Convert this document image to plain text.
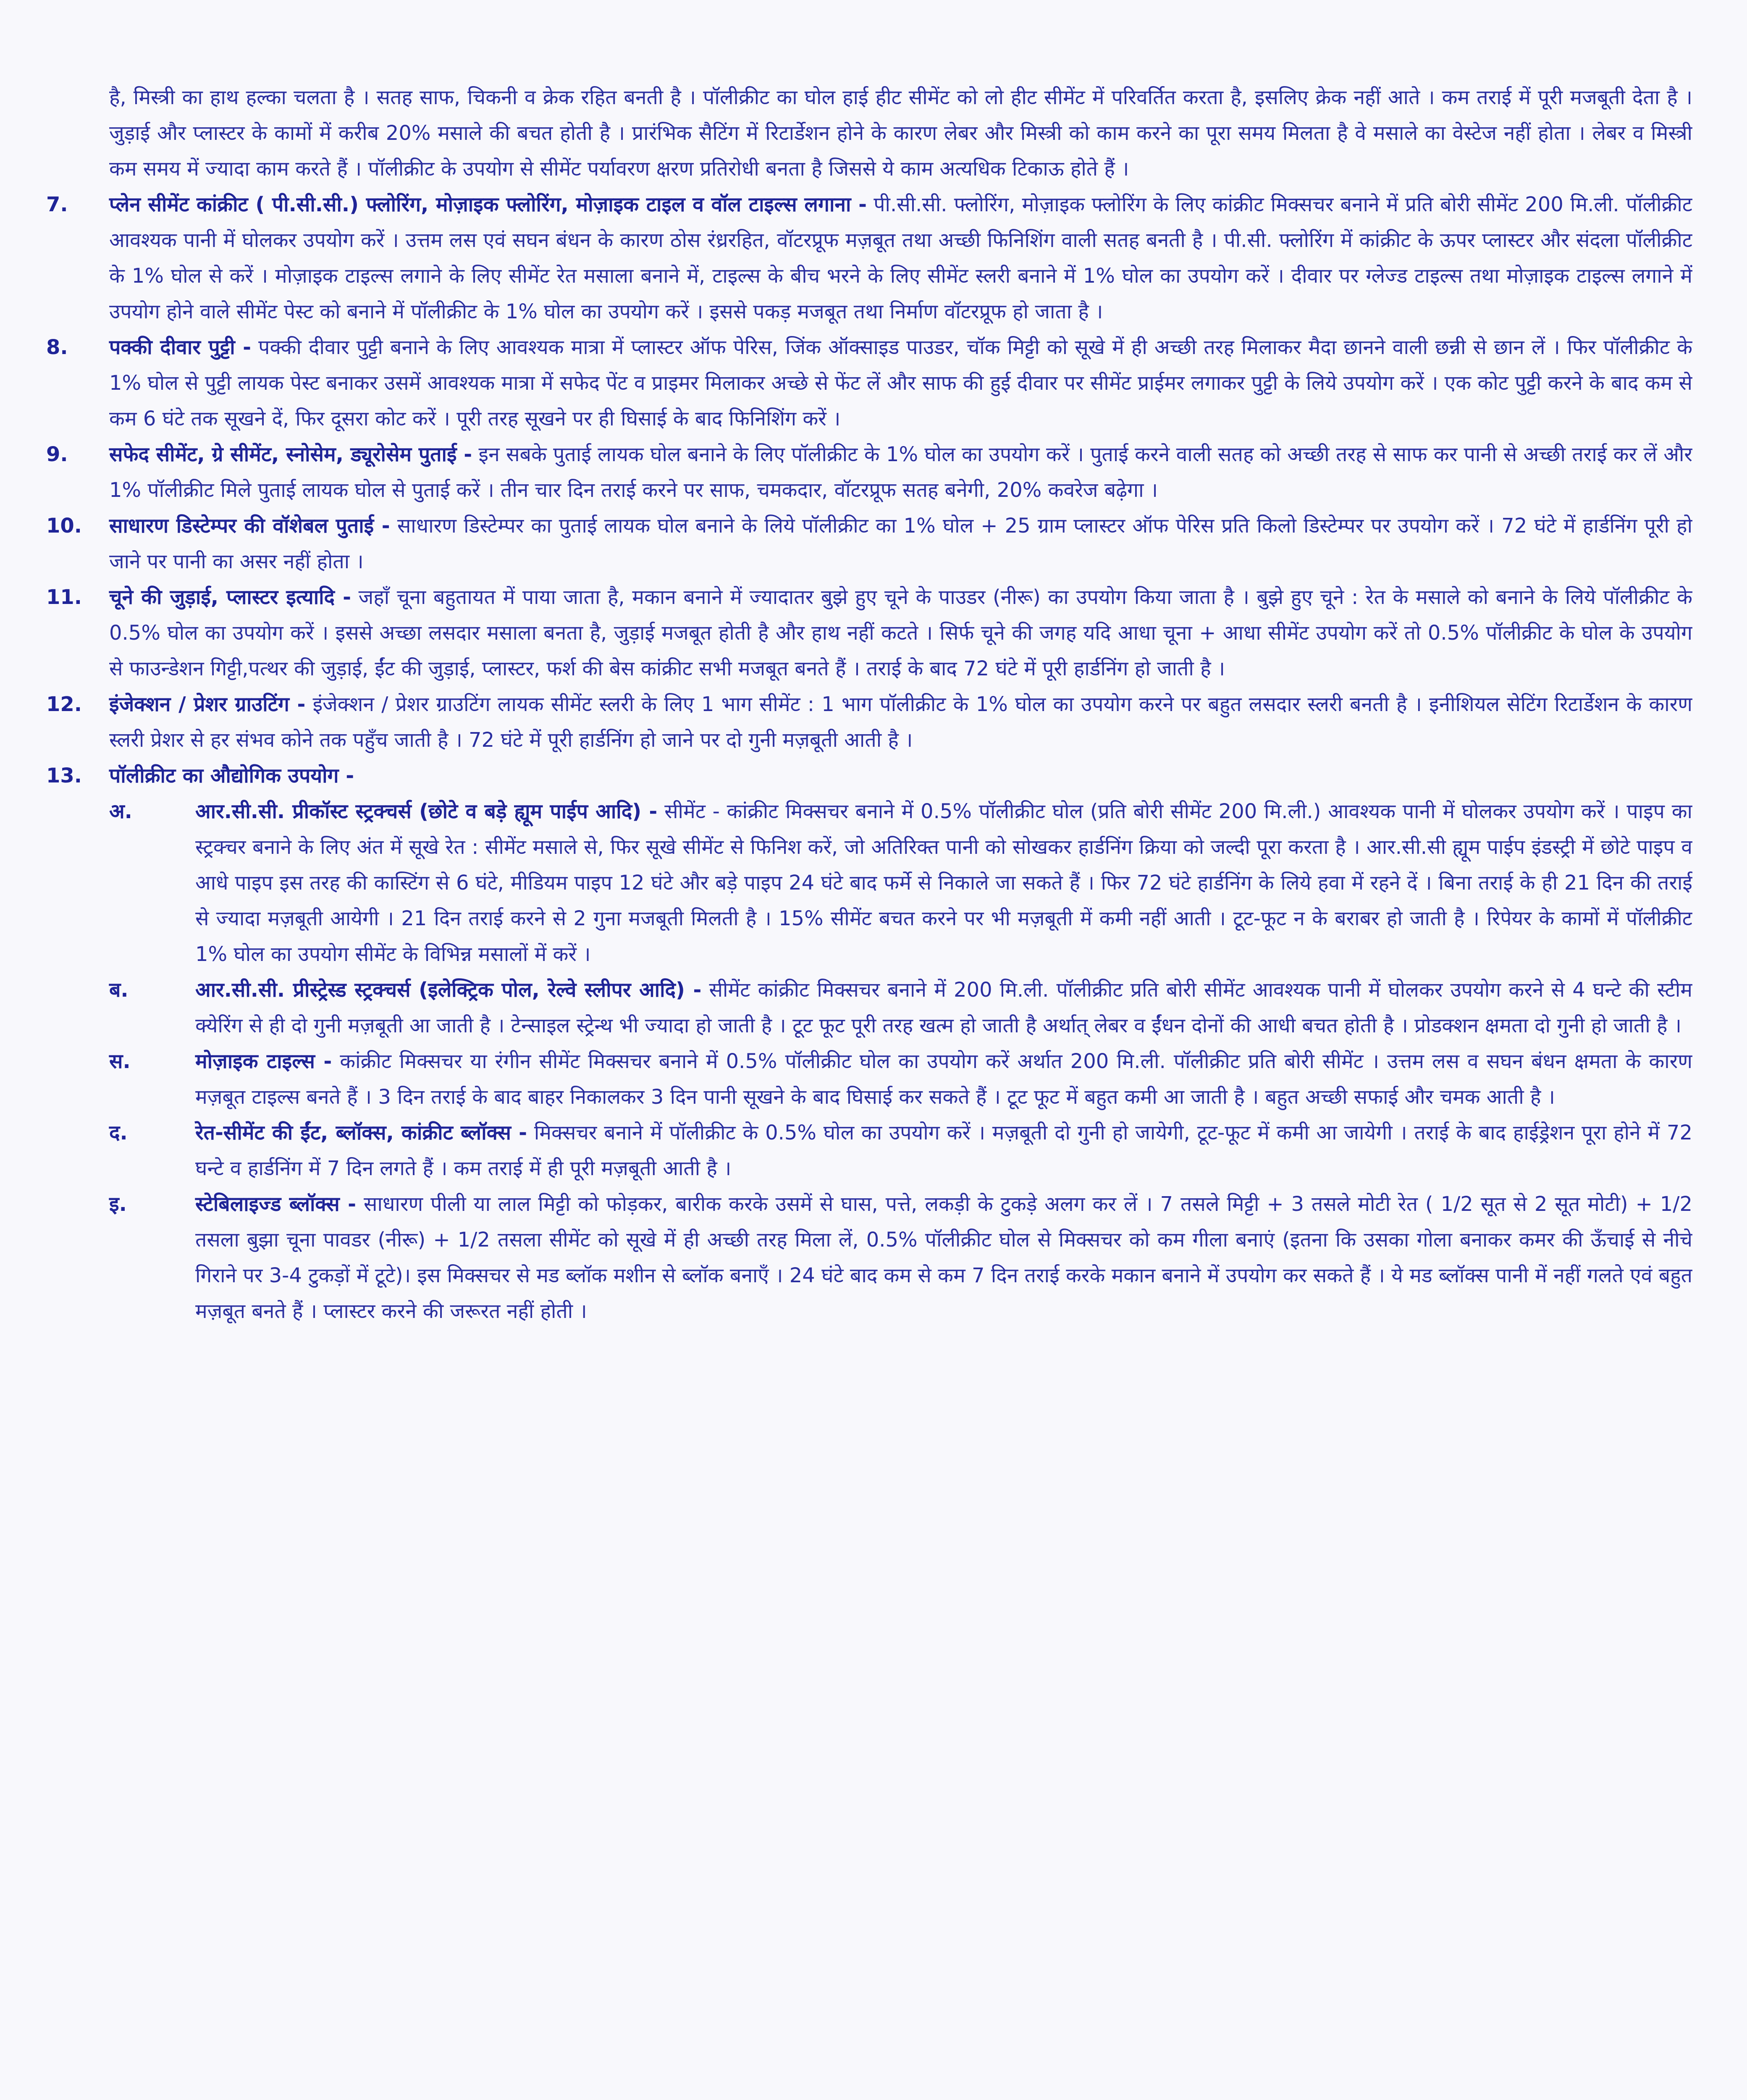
है, मिस्त्री का हाथ हल्का चलता है । सतह साफ, चिकनी व क्रेक रहित बनती है । पॉलीक्रीट का घोल हाई हीट सीमेंट को लो हीट सीमेंट में परिवर्तित करता है, इसलिए क्रेक नहीं आते । कम तराई में पूरी मजबूती देता है । जुड़ाई और प्लास्टर के कामों में करीब 20% मसाले की बचत होती है । प्रारंभिक सैटिंग में रिटार्डेशन होने के कारण लेबर और मिस्त्री को काम करने का पूरा समय मिलता है वे मसाले का वेस्टेज नहीं होता । लेबर व मिस्त्री कम समय में ज्यादा काम करते हैं । पॉलीक्रीट के उपयोग से सीमेंट पर्यावरण क्षरण प्रतिरोधी बनता है जिससे ये काम अत्यधिक टिकाऊ होते हैं ।

7. प्लेन सीमेंट कांक्रीट ( पी.सी.सी.) फ्लोरिंग, मोज़ाइक फ्लोरिंग, मोज़ाइक टाइल व वॉल टाइल्स लगाना - पी.सी.सी. फ्लोरिंग, मोज़ाइक फ्लोरिंग के लिए कांक्रीट मिक्सचर बनाने में प्रति बोरी सीमेंट 200 मि.ली. पॉलीक्रीट आवश्यक पानी में घोलकर उपयोग करें । उत्तम लस एवं सघन बंधन के कारण ठोस रंध्ररहित, वॉटरप्रूफ मज़बूत तथा अच्छी फिनिशिंग वाली सतह बनती है । पी.सी. फ्लोरिंग में कांक्रीट के ऊपर प्लास्टर और संदला पॉलीक्रीट के 1% घोल से करें । मोज़ाइक टाइल्स लगाने के लिए सीमेंट रेत मसाला बनाने में, टाइल्स के बीच भरने के लिए सीमेंट स्लरी बनाने में 1% घोल का उपयोग करें । दीवार पर ग्लेज्ड टाइल्स तथा मोज़ाइक टाइल्स लगाने में उपयोग होने वाले सीमेंट पेस्ट को बनाने में पॉलीक्रीट के 1% घोल का उपयोग करें । इससे पकड़ मजबूत तथा निर्माण वॉटरप्रूफ हो जाता है ।
8. पक्की दीवार पुट्टी - पक्की दीवार पुट्टी बनाने के लिए आवश्यक मात्रा में प्लास्टर ऑफ पेरिस, जिंक ऑक्साइड पाउडर, चॉक मिट्टी को सूखे में ही अच्छी तरह मिलाकर मैदा छानने वाली छन्नी से छान लें । फिर पॉलीक्रीट के 1% घोल से पुट्टी लायक पेस्ट बनाकर उसमें आवश्यक मात्रा में सफेद पेंट व प्राइमर मिलाकर अच्छे से फेंट लें और साफ की हुई दीवार पर सीमेंट प्राईमर लगाकर पुट्टी के लिये उपयोग करें । एक कोट पुट्टी करने के बाद कम से कम 6 घंटे तक सूखने दें, फिर दूसरा कोट करें । पूरी तरह सूखने पर ही घिसाई के बाद फिनिशिंग करें ।
9. सफेद सीमेंट, ग्रे सीमेंट, स्नोसेम, ड्यूरोसेम पुताई - इन सबके पुताई लायक घोल बनाने के लिए पॉलीक्रीट के 1% घोल का उपयोग करें । पुताई करने वाली सतह को अच्छी तरह से साफ कर पानी से अच्छी तराई कर लें और 1% पॉलीक्रीट मिले पुताई लायक घोल से पुताई करें । तीन चार दिन तराई करने पर साफ, चमकदार, वॉटरप्रूफ सतह बनेगी, 20% कवरेज बढ़ेगा ।
10. साधारण डिस्टेम्पर की वॉशेबल पुताई - साधारण डिस्टेम्पर का पुताई लायक घोल बनाने के लिये पॉलीक्रीट का 1% घोल + 25 ग्राम प्लास्टर ऑफ पेरिस प्रति किलो डिस्टेम्पर पर उपयोग करें । 72 घंटे में हार्डनिंग पूरी हो जाने पर पानी का असर नहीं होता ।
11. चूने की जुड़ाई, प्लास्टर इत्यादि - जहाँ चूना बहुतायत में पाया जाता है, मकान बनाने में ज्यादातर बुझे हुए चूने के पाउडर (नीरू) का उपयोग किया जाता है । बुझे हुए चूने : रेत के मसाले को बनाने के लिये पॉलीक्रीट के 0.5% घोल का उपयोग करें । इससे अच्छा लसदार मसाला बनता है, जुड़ाई मजबूत होती है और हाथ नहीं कटते । सिर्फ चूने की जगह यदि आधा चूना + आधा सीमेंट उपयोग करें तो 0.5% पॉलीक्रीट के घोल के उपयोग से फाउन्डेशन गिट्टी,पत्थर की जुड़ाई, ईंट की जुड़ाई, प्लास्टर, फर्श की बेस कांक्रीट सभी मजबूत बनते हैं । तराई के बाद 72 घंटे में पूरी हार्डनिंग हो जाती है ।
12. इंजेक्शन / प्रेशर ग्राउटिंग - इंजेक्शन / प्रेशर ग्राउटिंग लायक सीमेंट स्लरी के लिए 1 भाग सीमेंट : 1 भाग पॉलीक्रीट के 1% घोल का उपयोग करने पर बहुत लसदार स्लरी बनती है । इनीशियल सेटिंग रिटार्डेशन के कारण स्लरी प्रेशर से हर संभव कोने तक पहुँच जाती है । 72 घंटे में पूरी हार्डनिंग हो जाने पर दो गुनी मज़बूती आती है ।
13. पॉलीक्रीट का औद्योगिक उपयोग -
अ.	आर.सी.सी. प्रीकॉस्ट स्ट्रक्चर्स (छोटे व बड़े ह्यूम पाईप आदि) - सीमेंट - कांक्रीट मिक्सचर बनाने में 0.5% पॉलीक्रीट घोल (प्रति बोरी सीमेंट 200 मि.ली.) आवश्यक पानी में घोलकर उपयोग करें । पाइप का स्ट्रक्चर बनाने के लिए अंत में सूखे रेत : सीमेंट मसाले से, फिर सूखे सीमेंट से फिनिश करें, जो अतिरिक्त पानी को सोखकर हार्डनिंग क्रिया को जल्दी पूरा करता है । आर.सी.सी ह्यूम पाईप इंडस्ट्री में छोटे पाइप व आधे पाइप इस तरह की कास्टिंग से 6 घंटे, मीडियम पाइप 12 घंटे और बड़े पाइप 24 घंटे बाद फर्मे से निकाले जा सकते हैं । फिर 72 घंटे हार्डनिंग के लिये हवा में रहने दें । बिना तराई के ही 21 दिन की तराई से ज्यादा मज़बूती आयेगी । 21 दिन तराई करने से 2 गुना मजबूती मिलती है । 15% सीमेंट बचत करने पर भी मज़बूती में कमी नहीं आती । टूट-फूट न के बराबर हो जाती है । रिपेयर के कामों में पॉलीक्रीट 1% घोल का उपयोग सीमेंट के विभिन्न मसालों में करें ।
ब.	आर.सी.सी. प्रीस्ट्रेस्ड स्ट्रक्चर्स (इलेक्ट्रिक पोल, रेल्वे स्लीपर आदि) - सीमेंट कांक्रीट मिक्सचर बनाने में 200 मि.ली. पॉलीक्रीट प्रति बोरी सीमेंट आवश्यक पानी में घोलकर उपयोग करने से 4 घन्टे की स्टीम क्येरिंग से ही दो गुनी मज़बूती आ जाती है । टेन्साइल स्ट्रेन्थ भी ज्यादा हो जाती है । टूट फूट पूरी तरह खत्म हो जाती है अर्थात् लेबर व ईंधन दोनों की आधी बचत होती है । प्रोडक्शन क्षमता दो गुनी हो जाती है ।
स.	मोज़ाइक टाइल्स - कांक्रीट मिक्सचर या रंगीन सीमेंट मिक्सचर बनाने में 0.5% पॉलीक्रीट घोल का उपयोग करें अर्थात 200 मि.ली. पॉलीक्रीट प्रति बोरी सीमेंट । उत्तम लस व सघन बंधन क्षमता के कारण मज़बूत टाइल्स बनते हैं । 3 दिन तराई के बाद बाहर निकालकर 3 दिन पानी सूखने के बाद घिसाई कर सकते हैं । टूट फूट में बहुत कमी आ जाती है । बहुत अच्छी सफाई और चमक आती है ।
द.	रेत-सीमेंट की ईंट, ब्लॉक्स, कांक्रीट ब्लॉक्स - मिक्सचर बनाने में पॉलीक्रीट के 0.5% घोल का उपयोग करें । मज़बूती दो गुनी हो जायेगी, टूट-फूट में कमी आ जायेगी । तराई के बाद हाईड्रेशन पूरा होने में 72 घन्टे व हार्डनिंग में 7 दिन लगते हैं । कम तराई में ही पूरी मज़बूती आती है ।
इ.	स्टेबिलाइज्ड ब्लॉक्स - साधारण पीली या लाल मिट्टी को फोड़कर, बारीक करके उसमें से घास, पत्ते, लकड़ी के टुकड़े अलग कर लें । 7 तसले मिट्टी + 3 तसले मोटी रेत ( 1/2 सूत से 2 सूत मोटी) + 1/2 तसला बुझा चूना पावडर (नीरू) + 1/2 तसला सीमेंट को सूखे में ही अच्छी तरह मिला लें, 0.5% पॉलीक्रीट घोल से मिक्सचर को कम गीला बनाएं (इतना कि उसका गोला बनाकर कमर की ऊँचाई से नीचे गिराने पर 3-4 टुकड़ों में टूटे)। इस मिक्सचर से मड ब्लॉक मशीन से ब्लॉक बनाएँ । 24 घंटे बाद कम से कम 7 दिन तराई करके मकान बनाने में उपयोग कर सकते हैं । ये मड ब्लॉक्स पानी में नहीं गलते एवं बहुत मज़बूत बनते हैं । प्लास्टर करने की जरूरत नहीं होती ।
